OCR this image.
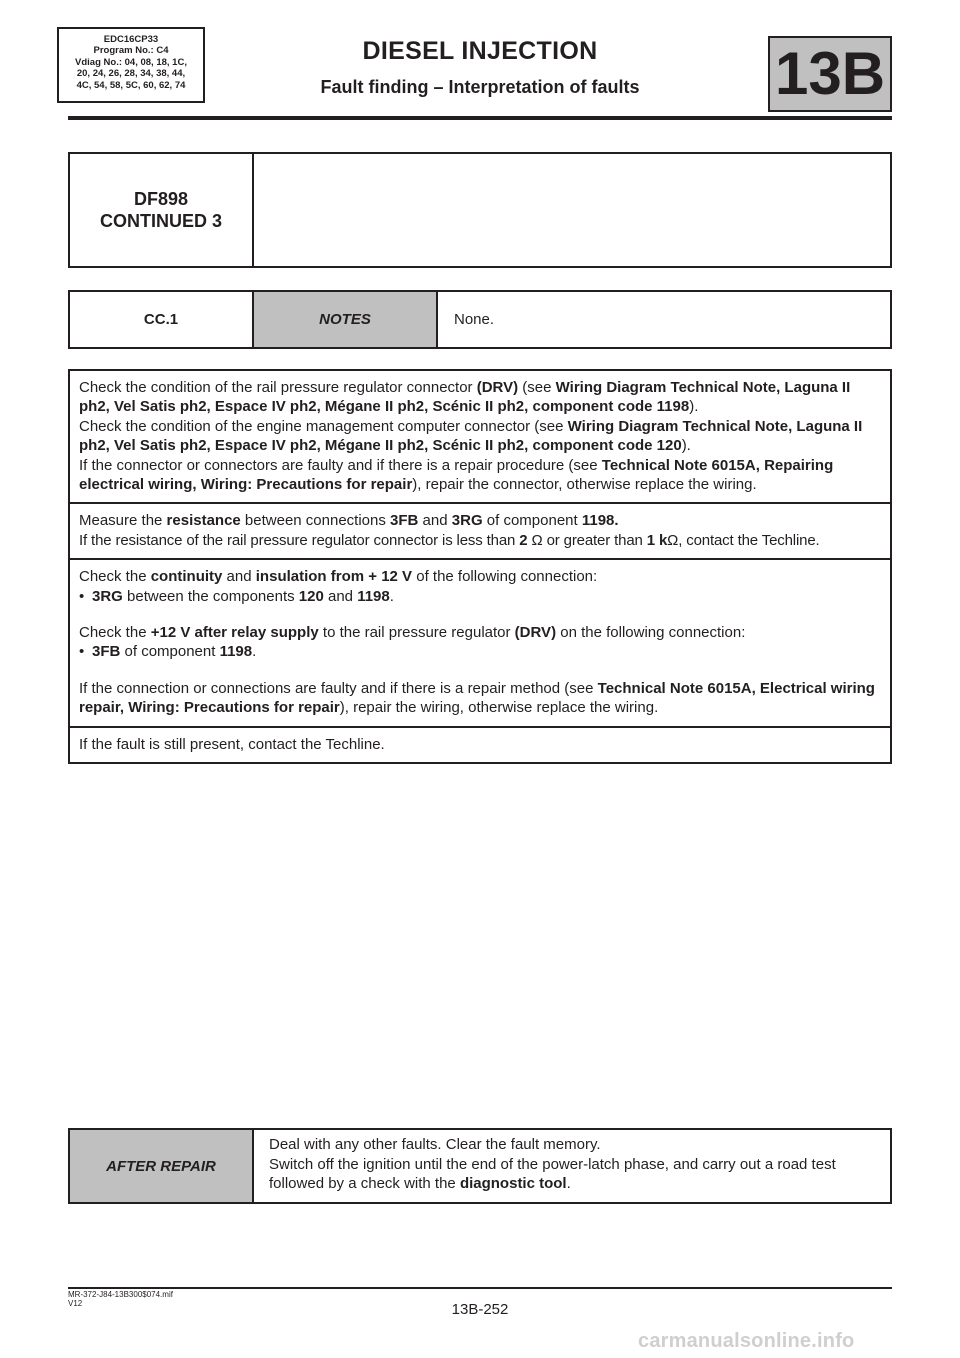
EDC16CP33
Program No.: C4
Vdiag No.: 04, 08, 18, 1C,
20, 24, 26, 28, 34, 38, 44,
4C, 54, 58, 5C, 60, 62, 74
DIESEL INJECTION
Fault finding – Interpretation of faults	13B
DF898
CONTINUED 3
CC.1	NOTES	None.

Check the condition of the rail pressure regulator connector (DRV) (see Wiring Diagram Technical Note, Laguna II ph2, Vel Satis ph2, Espace IV ph2, Mégane II ph2, Scénic II ph2, component code 1198).

Check the condition of the engine management computer connector (see Wiring Diagram Technical Note, Laguna II ph2, Vel Satis ph2, Espace IV ph2, Mégane II ph2, Scénic II ph2, component code 120).

If the connector or connectors are faulty and if there is a repair procedure (see Technical Note 6015A, Repairing electrical wiring, Wiring: Precautions for repair), repair the connector, otherwise replace the wiring.

Measure the resistance between connections 3FB and 3RG of component 1198.

If the resistance of the rail pressure regulator connector is less than 2 Ω or greater than 1 kΩ, contact the Techline.

Check the continuity and insulation from + 12 V of the following connection:

• 3RG between the components 120 and 1198.

Check the +12 V after relay supply to the rail pressure regulator (DRV) on the following connection:

• 3FB of component 1198.

If the connection or connections are faulty and if there is a repair method (see Technical Note 6015A, Electrical wiring repair, Wiring: Precautions for repair), repair the wiring, otherwise replace the wiring.

If the fault is still present, contact the Techline.

AFTER REPAIR

Deal with any other faults. Clear the fault memory.

Switch off the ignition until the end of the power-latch phase, and carry out a road test followed by a check with the diagnostic tool.

MR-372-J84-13B300$074.mif
V12	13B-252
carmanualsonline.info
